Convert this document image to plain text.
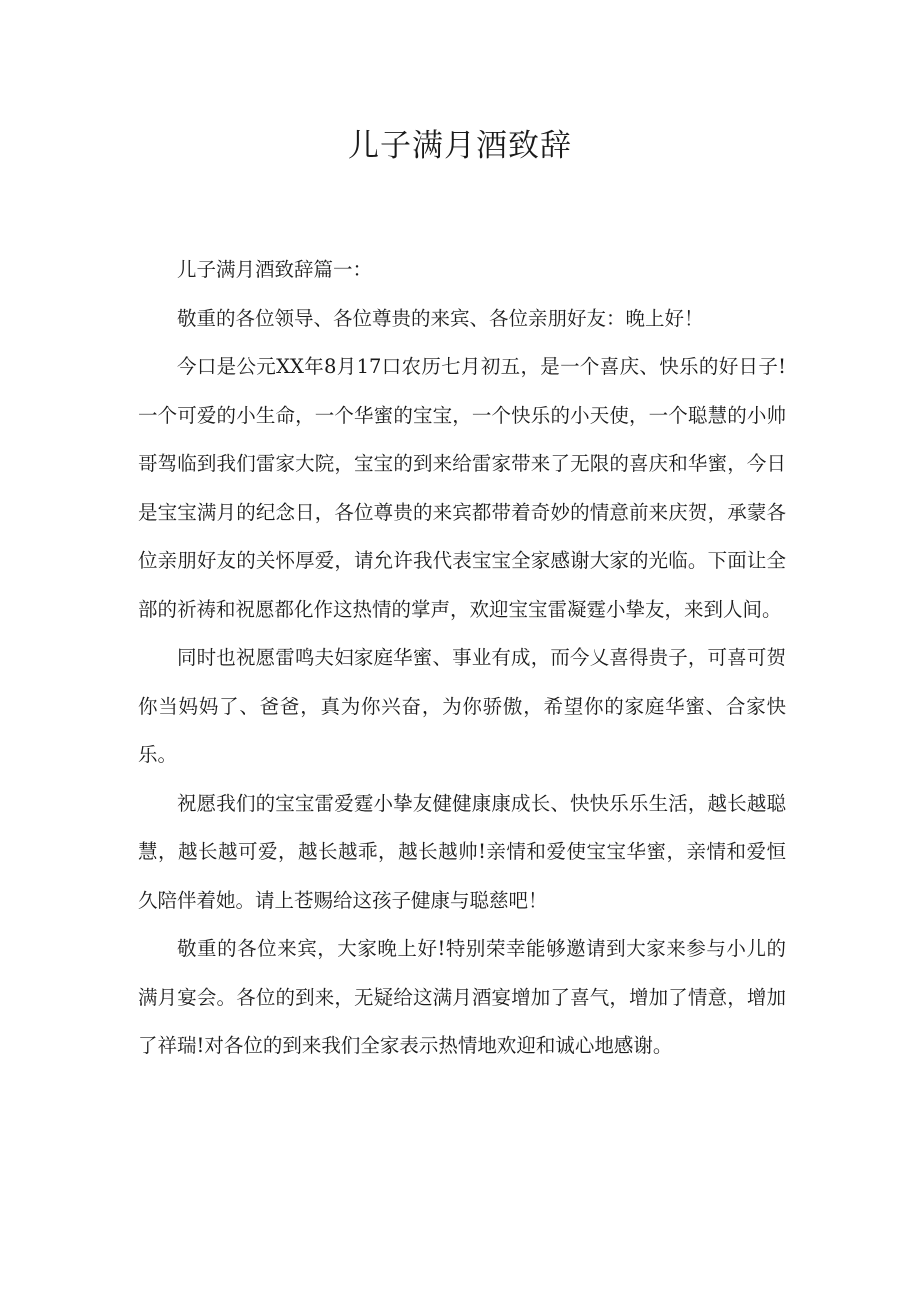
儿子满月酒致辞

儿子满月酒致辞篇一：

敬重的各位领导、各位尊贵的来宾、各位亲朋好友：晚上好！

今口是公元XX年8月17口农历七月初五，是一个喜庆、快乐的好日子!一个可爱的小生命，一个华蜜的宝宝，一个快乐的小天使，一个聪慧的小帅哥驾临到我们雷家大院，宝宝的到来给雷家带来了无限的喜庆和华蜜，今日是宝宝满月的纪念日，各位尊贵的来宾都带着奇妙的情意前来庆贺，承蒙各位亲朋好友的关怀厚爱，请允许我代表宝宝全家感谢大家的光临。下面让全部的祈祷和祝愿都化作这热情的掌声，欢迎宝宝雷凝霆小挚友，来到人间。

同时也祝愿雷鸣夫妇家庭华蜜、事业有成，而今乂喜得贵子，可喜可贺你当妈妈了、爸爸，真为你兴奋，为你骄傲，希望你的家庭华蜜、合家快乐。

祝愿我们的宝宝雷爱霆小挚友健健康康成长、快快乐乐生活，越长越聪慧，越长越可爱，越长越乖，越长越帅!亲情和爱使宝宝华蜜，亲情和爱恒久陪伴着她。请上苍赐给这孩子健康与聪慈吧！

敬重的各位来宾，大家晚上好!特别荣幸能够邀请到大家来参与小儿的满月宴会。各位的到来，无疑给这满月酒宴增加了喜气，增加了情意，增加了祥瑞!对各位的到来我们全家表示热情地欢迎和诚心地感谢。
